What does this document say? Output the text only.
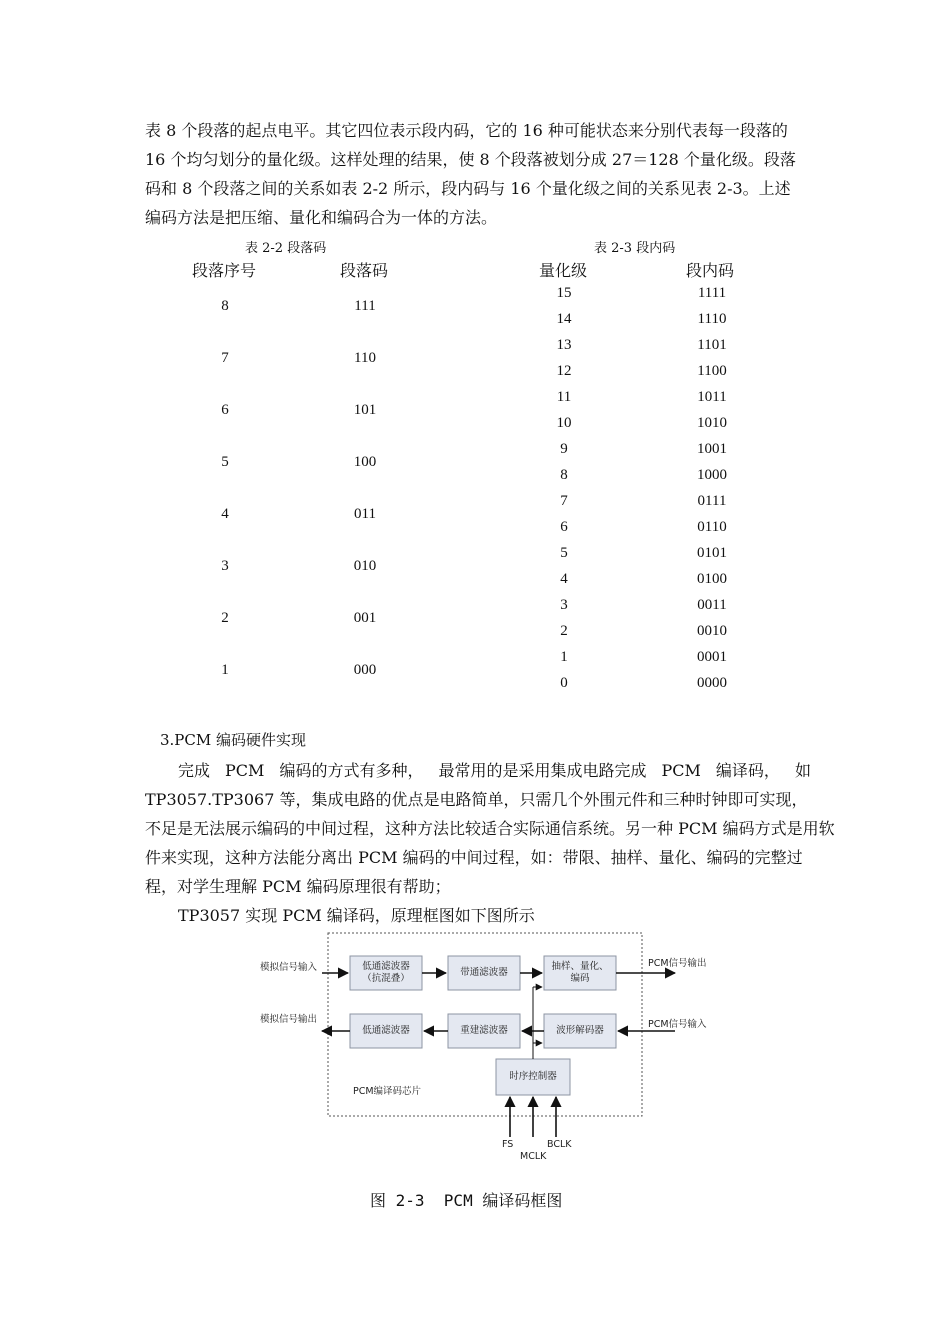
表 8 个段落的起点电平。其它四位表示段内码，它的 16 种可能状态来分别代表每一段落的
16 个均匀划分的量化级。这样处理的结果，使 8 个段落被划分成 27＝128 个量化级。段落
码和 8 个段落之间的关系如表 2-2 所示，段内码与 16 个量化级之间的关系见表 2-3。上述
编码方法是把压缩、量化和编码合为一体的方法。
表 2-2 段落码
段落序号	段落码
8	111
7	110
6	101
5	100
4	011
3	010
2	001
1	000
表 2-3 段内码
量化级	段内码
15	1111
14	1110
13	1101
12	1100
11	1011
10	1010
9	1001
8	1000
7	0111
6	0110
5	0101
4	0100
3	0011
2	0010
1	0001
0	0000
3.PCM 编码硬件实现
完成 PCM 编码的方式有多种， 最常用的是采用集成电路完成 PCM 编译码， 如
TP3057.TP3067 等，集成电路的优点是电路简单，只需几个外围元件和三种时钟即可实现，
不足是无法展示编码的中间过程，这种方法比较适合实际通信系统。另一种 PCM 编码方式是用软
件来实现，这种方法能分离出 PCM 编码的中间过程，如：带限、抽样、量化、编码的完整过
程，对学生理解 PCM 编码原理很有帮助；
TP3057 实现 PCM 编译码，原理框图如下图所示
模拟信号输入
模拟信号输出
PCM信号输出
PCM信号输入
低通滤波器
（抗混叠）
带通滤波器
抽样、量化、
编码
低通滤波器	重建滤波器	波形解码器
时序控制器
PCM编译码芯片
FS
MCLK
BCLK
图 2-3  PCM 编译码框图
